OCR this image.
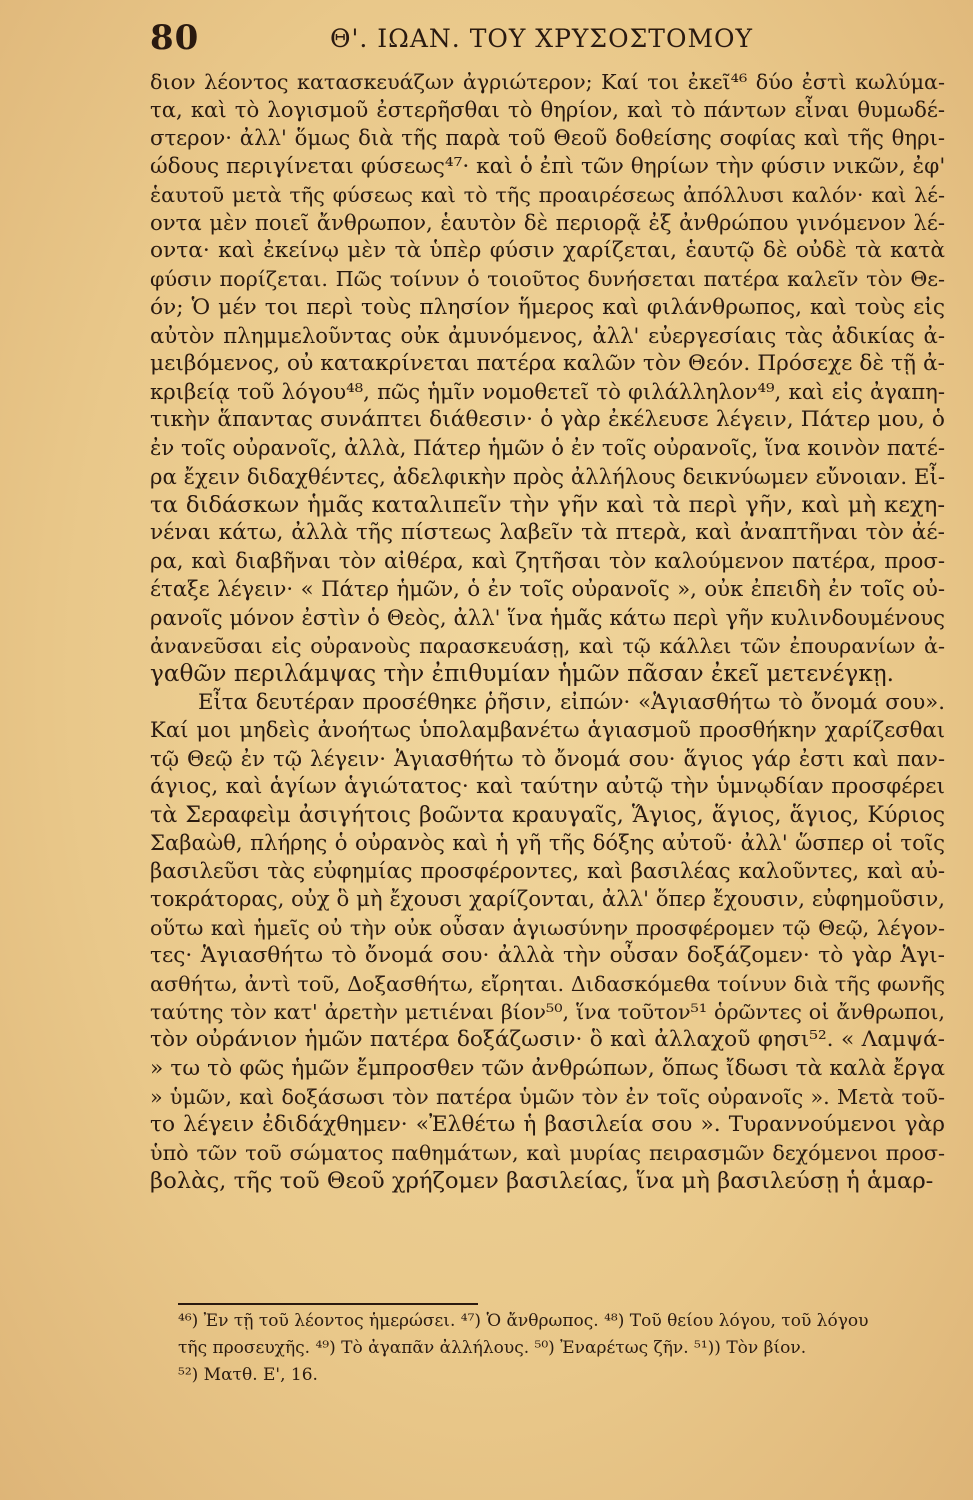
80	Θ'. ΙΩΑΝ. ΤΟΥ ΧΡΥΣΟΣΤΟΜΟΥ
διον λέοντος κατασκευάζων ἀγριώτερον; Καί τοι ἐκεῖ⁴⁶ δύο ἐστὶ κωλύμα-
τα, καὶ τὸ λογισμοῦ ἐστερῆσθαι τὸ θηρίον, καὶ τὸ πάντων εἶναι θυμωδέ-
στερον· ἀλλ' ὅμως διὰ τῆς παρὰ τοῦ Θεοῦ δοθείσης σοφίας καὶ τῆς θηρι-
ώδους περιγίνεται φύσεως⁴⁷· καὶ ὁ ἐπὶ τῶν θηρίων τὴν φύσιν νικῶν, ἐφ'
ἑαυτοῦ μετὰ τῆς φύσεως καὶ τὸ τῆς προαιρέσεως ἀπόλλυσι καλόν· καὶ λέ-
οντα μὲν ποιεῖ ἄνθρωπον, ἑαυτὸν δὲ περιορᾷ ἐξ ἀνθρώπου γινόμενον λέ-
οντα· καὶ ἐκείνῳ μὲν τὰ ὑπὲρ φύσιν χαρίζεται, ἑαυτῷ δὲ οὐδὲ τὰ κατὰ
φύσιν πορίζεται. Πῶς τοίνυν ὁ τοιοῦτος δυνήσεται πατέρα καλεῖν τὸν Θε-
όν; Ὁ μέν τοι περὶ τοὺς πλησίον ἥμερος καὶ φιλάνθρωπος, καὶ τοὺς εἰς
αὐτὸν πλημμελοῦντας οὐκ ἀμυνόμενος, ἀλλ' εὐεργεσίαις τὰς ἀδικίας ἀ-
μειβόμενος, οὐ κατακρίνεται πατέρα καλῶν τὸν Θεόν. Πρόσεχε δὲ τῇ ἀ-
κριβείᾳ τοῦ λόγου⁴⁸, πῶς ἡμῖν νομοθετεῖ τὸ φιλάλληλον⁴⁹, καὶ εἰς ἀγαπη-
τικὴν ἅπαντας συνάπτει διάθεσιν· ὁ γὰρ ἐκέλευσε λέγειν, Πάτερ μου, ὁ
ἐν τοῖς οὐρανοῖς, ἀλλὰ, Πάτερ ἡμῶν ὁ ἐν τοῖς οὐρανοῖς, ἵνα κοινὸν πατέ-
ρα ἔχειν διδαχθέντες, ἀδελφικὴν πρὸς ἀλλήλους δεικνύωμεν εὔνοιαν. Εἶ-
τα διδάσκων ἡμᾶς καταλιπεῖν τὴν γῆν καὶ τὰ περὶ γῆν, καὶ μὴ κεχη-
νέναι κάτω, ἀλλὰ τῆς πίστεως λαβεῖν τὰ πτερὰ, καὶ ἀναπτῆναι τὸν ἀέ-
ρα, καὶ διαβῆναι τὸν αἰθέρα, καὶ ζητῆσαι τὸν καλούμενον πατέρα, προσ-
έταξε λέγειν· « Πάτερ ἡμῶν, ὁ ἐν τοῖς οὐρανοῖς », οὐκ ἐπειδὴ ἐν τοῖς οὐ-
ρανοῖς μόνον ἐστὶν ὁ Θεὸς, ἀλλ' ἵνα ἡμᾶς κάτω περὶ γῆν κυλινδουμένους
ἀνανεῦσαι εἰς οὐρανοὺς παρασκευάσῃ, καὶ τῷ κάλλει τῶν ἐπουρανίων ἀ-
γαθῶν περιλάμψας τὴν ἐπιθυμίαν ἡμῶν πᾶσαν ἐκεῖ μετενέγκῃ.
Εἶτα δευτέραν προσέθηκε ῥῆσιν, εἰπών· «Ἁγιασθήτω τὸ ὄνομά σου».
Καί μοι μηδεὶς ἀνοήτως ὑπολαμβανέτω ἁγιασμοῦ προσθήκην χαρίζεσθαι
τῷ Θεῷ ἐν τῷ λέγειν· Ἁγιασθήτω τὸ ὄνομά σου· ἅγιος γάρ ἐστι καὶ παν-
άγιος, καὶ ἁγίων ἁγιώτατος· καὶ ταύτην αὐτῷ τὴν ὑμνῳδίαν προσφέρει
τὰ Σεραφεὶμ ἀσιγήτοις βοῶντα κραυγαῖς, Ἅγιος, ἅγιος, ἅγιος, Κύριος
Σαβαὼθ, πλήρης ὁ οὐρανὸς καὶ ἡ γῆ τῆς δόξης αὐτοῦ· ἀλλ' ὥσπερ οἱ τοῖς
βασιλεῦσι τὰς εὐφημίας προσφέροντες, καὶ βασιλέας καλοῦντες, καὶ αὐ-
τοκράτορας, οὐχ ὃ μὴ ἔχουσι χαρίζονται, ἀλλ' ὅπερ ἔχουσιν, εὐφημοῦσιν,
οὕτω καὶ ἡμεῖς οὐ τὴν οὐκ οὖσαν ἁγιωσύνην προσφέρομεν τῷ Θεῷ, λέγον-
τες· Ἁγιασθήτω τὸ ὄνομά σου· ἀλλὰ τὴν οὖσαν δοξάζομεν· τὸ γὰρ Ἁγι-
ασθήτω, ἀντὶ τοῦ, Δοξασθήτω, εἴρηται. Διδασκόμεθα τοίνυν διὰ τῆς φωνῆς
ταύτης τὸν κατ' ἀρετὴν μετιέναι βίον⁵⁰, ἵνα τοῦτον⁵¹ ὁρῶντες οἱ ἄνθρωποι,
τὸν οὐράνιον ἡμῶν πατέρα δοξάζωσιν· ὃ καὶ ἀλλαχοῦ φησι⁵². « Λαμψά-
» τω τὸ φῶς ἡμῶν ἔμπροσθεν τῶν ἀνθρώπων, ὅπως ἴδωσι τὰ καλὰ ἔργα
» ὑμῶν, καὶ δοξάσωσι τὸν πατέρα ὑμῶν τὸν ἐν τοῖς οὐρανοῖς ». Μετὰ τοῦ-
το λέγειν ἐδιδάχθημεν· «Ἐλθέτω ἡ βασιλεία σου ». Τυραννούμενοι γὰρ
ὑπὸ τῶν τοῦ σώματος παθημάτων, καὶ μυρίας πειρασμῶν δεχόμενοι προσ-
βολὰς, τῆς τοῦ Θεοῦ χρήζομεν βασιλείας, ἵνα μὴ βασιλεύσῃ ἡ ἁμαρ-
⁴⁶) Ἐν τῇ τοῦ λέοντος ἡμερώσει. ⁴⁷) Ὁ ἄνθρωπος. ⁴⁸) Τοῦ θείου λόγου, τοῦ λόγου
τῆς προσευχῆς. ⁴⁹) Τὸ ἀγαπᾶν ἀλλήλους. ⁵⁰) Ἐναρέτως ζῆν. ⁵¹)) Τὸν βίον.
⁵²) Ματθ. Ε', 16.
